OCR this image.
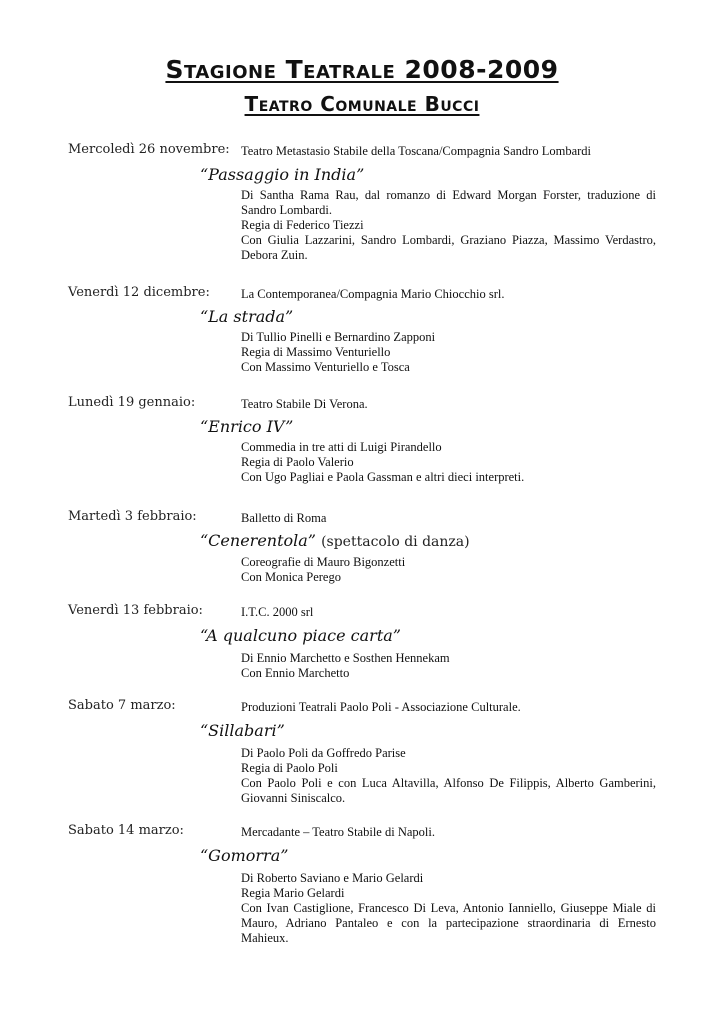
Stagione Teatrale 2008-2009
Teatro Comunale Bucci
Mercoledì 26 novembre: Teatro Metastasio Stabile della Toscana/Compagnia Sandro Lombardi
“Passaggio in India”
Di Santha Rama Rau, dal romanzo di Edward Morgan Forster, traduzione di Sandro Lombardi.
Regia di Federico Tiezzi
Con Giulia Lazzarini, Sandro Lombardi, Graziano Piazza, Massimo Verdastro, Debora Zuin.
Venerdì 12 dicembre: La Contemporanea/Compagnia Mario Chiocchio srl.
“La strada”
Di Tullio Pinelli e Bernardino Zapponi
Regia di Massimo Venturiello
Con Massimo Venturiello e Tosca
Lunedì 19 gennaio:	Teatro Stabile Di Verona.
“Enrico IV”
Commedia in tre atti di Luigi Pirandello
Regia di Paolo Valerio
Con Ugo Pagliai e Paola Gassman e altri dieci interpreti.
Martedì 3 febbraio:	Balletto di Roma
“Cenerentola” (spettacolo di danza)
Coreografie di Mauro Bigonzetti
Con Monica Perego
Venerdì 13 febbraio:	I.T.C. 2000 srl
“A qualcuno piace carta”
Di Ennio Marchetto e Sosthen Hennekam
Con Ennio Marchetto
Sabato 7 marzo:	Produzioni Teatrali Paolo Poli - Associazione Culturale.
“Sillabari”
Di Paolo Poli da Goffredo Parise
Regia di Paolo Poli
Con Paolo Poli e con Luca Altavilla, Alfonso De Filippis, Alberto Gamberini, Giovanni Siniscalco.
Sabato 14 marzo:	Mercadante – Teatro Stabile di Napoli.
“Gomorra”
Di Roberto Saviano e Mario Gelardi
Regia Mario Gelardi
Con Ivan Castiglione, Francesco Di Leva, Antonio Ianniello, Giuseppe Miale di Mauro, Adriano Pantaleo e con la partecipazione straordinaria di Ernesto Mahieux.
